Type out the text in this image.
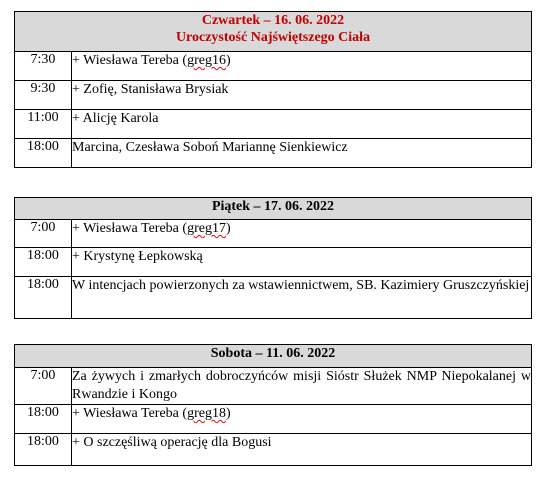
Czwartek – 16. 06. 2022
Uroczystość Najświętszego Ciała	

7:30	+ Wiesława Tereba (greg16)
9:30	+ Zofię, Stanisława Brysiak
11:00	+ Alicję Karola
18:00	Marcina, Czesława Soboń Mariannę Sienkiewicz
Piątek – 17. 06. 2022	

7:00	+ Wiesława Tereba (greg17)
18:00	+ Krystynę Łepkowską
18:00	W intencjach powierzonych za wstawiennictwem, SB. Kazimiery Gruszczyńskiej
Sobota – 11. 06. 2022	

7:00	Za żywych i zmarłych dobroczyńców misji Sióstr Służek NMP Niepokalanej w Rwandzie i Kongo
18:00	+ Wiesława Tereba (greg18)
18:00	+ O szczęśliwą operację dla Bogusi
